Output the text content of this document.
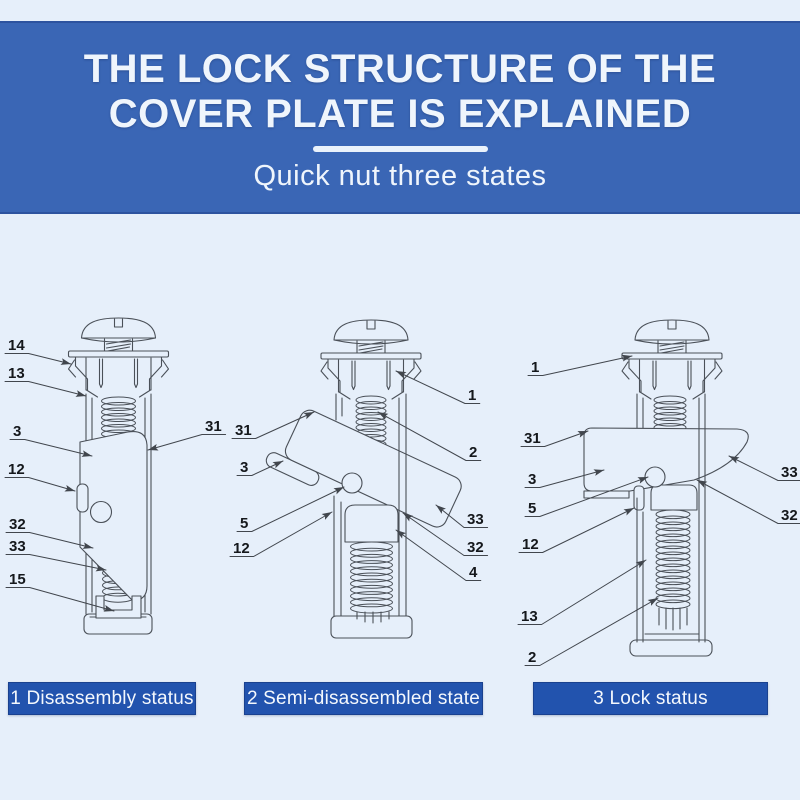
THE LOCK STRUCTURE OF THE
COVER PLATE IS EXPLAINED
Quick nut three states
14
13
3
12
32
33
15
31 31
3
5
12
1
2
33
32
4
1
31
3
5
12
13
2
33
32
1 Disassembly status	2 Semi-disassembled state	3 Lock status
